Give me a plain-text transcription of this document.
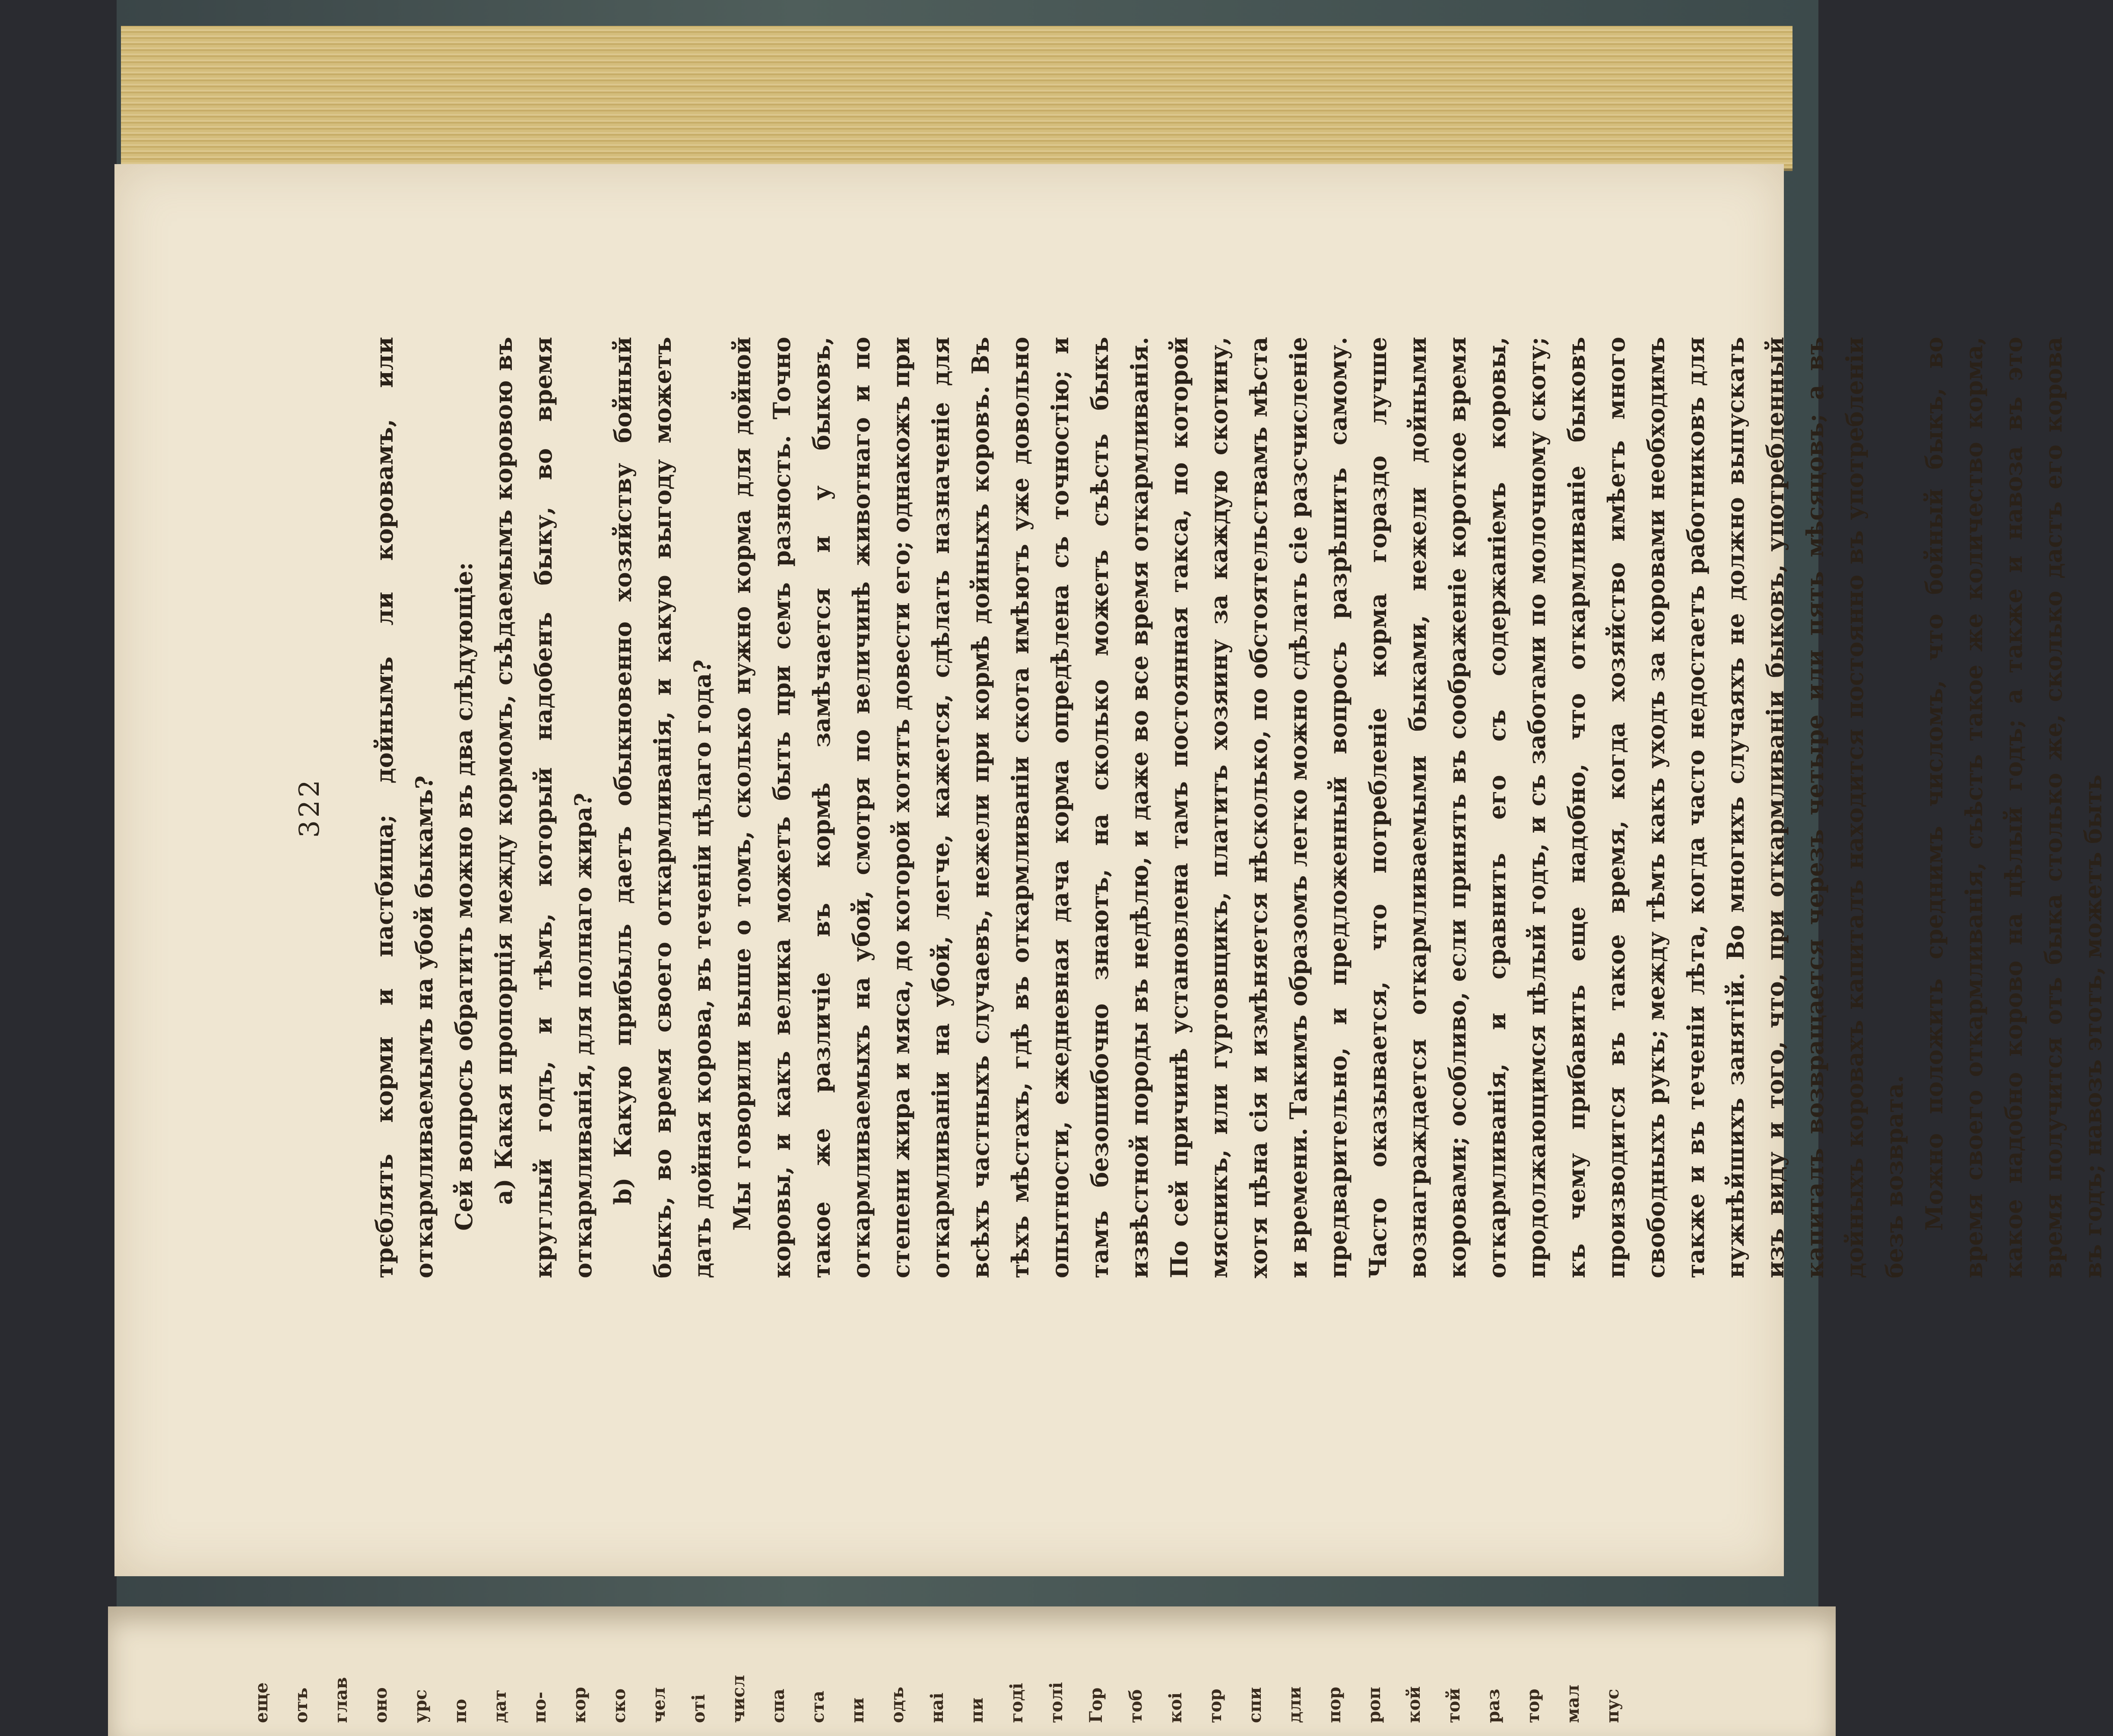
322 трєблять корми и пастбища; дойнымъ ли коровамъ, или откармливаемымъ на убой быкамъ? Сей вопросъ обратить можно въ два слѣдующіе: a) Какая пропорція между кормомъ, съѣдаемымъ коровою въ круглый годъ, и тѣмъ, который надобенъ быку, во время откармливанія, для полнаго жира? b) Какую прибыль даетъ обыкновенно хозяйству бойный быкъ, во время своего откармливанія, и какую выгоду можетъ дать дойная корова, въ теченіи цѣлаго года? Мы говорили выше о томъ, сколько нужно корма для дойной коровы, и какъ велика можетъ быть при семъ разность. Точно такое же различіе въ кормѣ замѣчается и у быковъ, откармливаемыхъ на убой, смотря по величинѣ животнаго и по степени жира и мяса, до которой хотятъ довести его; однакожъ при откармливаніи на убой, легче, кажется, сдѣлать назначеніе для всѣхъ частныхъ случаевъ, нежели при кормѣ дойныхъ коровъ. Въ тѣхъ мѣстахъ, гдѣ въ откармливаніи скота имѣютъ уже довольно опытности, ежедневная дача корма опредѣлена съ точностію; и тамъ безошибочно знаютъ, на сколько можетъ съѣсть быкъ извѣстной породы въ недѣлю, и даже во все время откармливанія. По сей причинѣ установлена тамъ постоянная такса, по которой мясникъ, или гуртовщикъ, платитъ хозяину за каждую скотину, хотя цѣна сія и измѣняется нѣсколько, по обстоятельствамъ мѣста и времени. Такимъ образомъ легко можно сдѣлать сіе разсчисленіе предварительно, и предложенный вопросъ разрѣшить самому. Часто оказывается, что потребленіе корма гораздо лучше вознаграждается откармливаемыми быками, нежели дойными коровами; особливо, если принять въ соображеніе короткое время откармливанія, и сравнить его съ содержаніемъ коровы, продолжающимся цѣлый годъ, и съ заботами по молочному скоту; къ чему прибавить еще надобно, что откармливаніе быковъ производится въ такое время, когда хозяйство имѣетъ много свободныхъ рукъ; между тѣмъ какъ уходъ за коровами необходимъ также и въ теченіи лѣта, когда часто недостаетъ работниковъ для нужнѣйшихъ занятій. Во многихъ случаяхъ не должно выпускать изъ виду и того, что, при откармливаніи быковъ, употребленный капиталъ возвращается черезъ четыре или пять мѣсяцовъ; а въ дойныхъ коровахъ капиталъ находится постоянно въ употребленіи безъ возврата. Можно положить среднимъ числомъ, что бойный быкъ, во время своего откармливанія, съѣстъ такое же количество корма, какое надобно корово на цѣлый годъ; а также и навоза въ это время получится отъ быка столько же, сколько дастъ его корова въ годъ; навозъ этотъ, можетъ быть

еще	отъ	глав	оно	урс	по	дат	по-	кор	ско	чел	оті	числ	спа	ста	пи	одъ	наі	пи	годі	толі	Гор	тоб	коі	тор	спи	дли	пор	роп	кой	той	раз	тор	мал	пус
